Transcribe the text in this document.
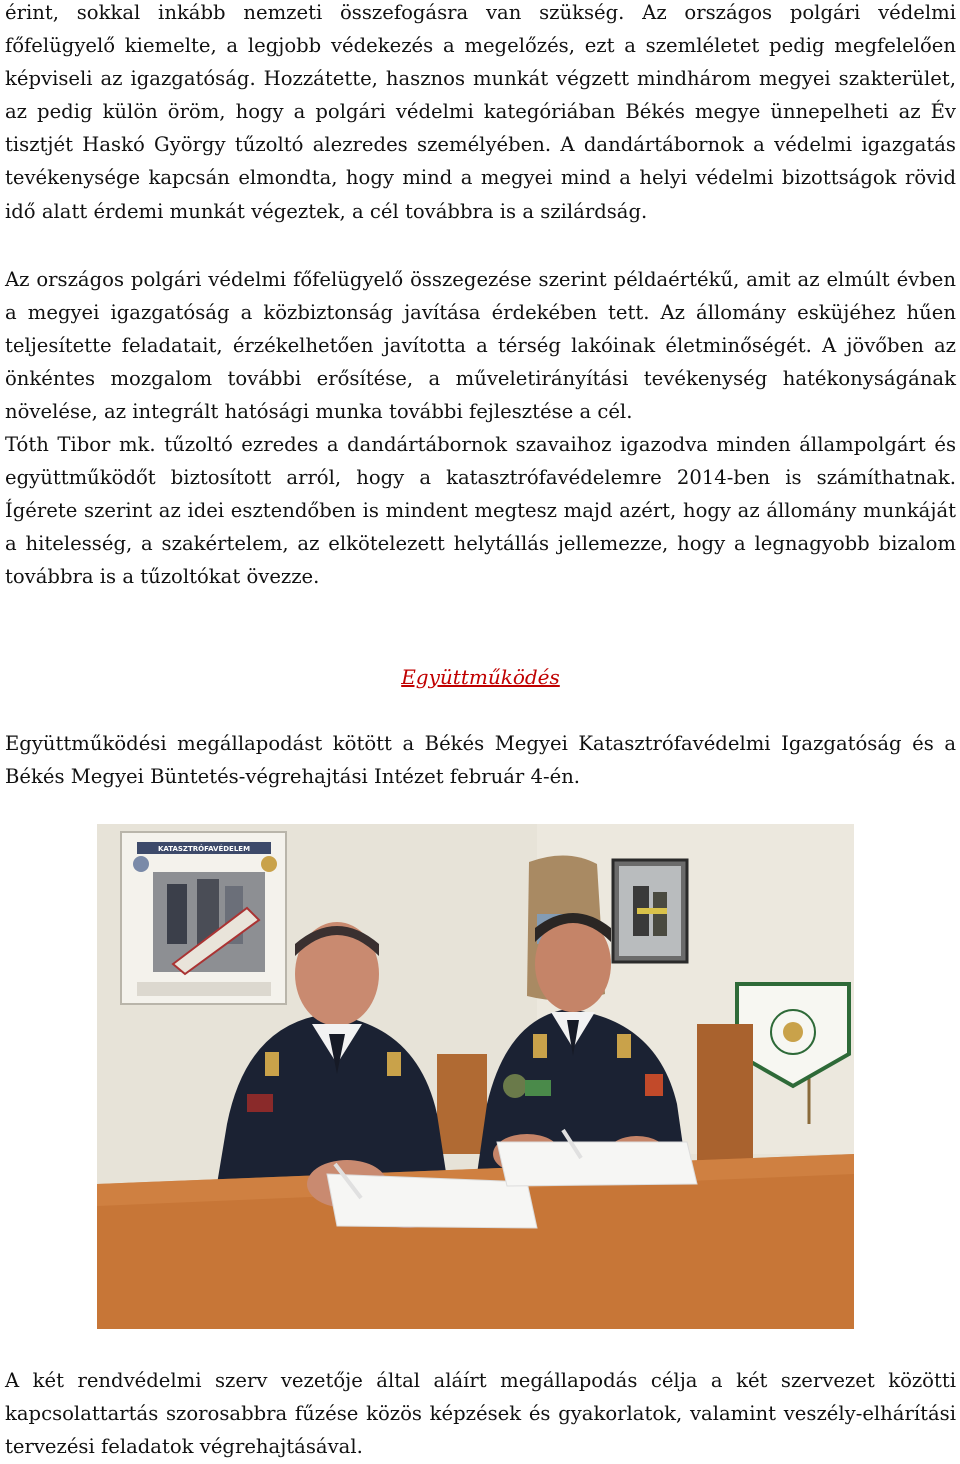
érint, sokkal inkább nemzeti összefogásra van szükség. Az országos polgári védelmi főfelügyelő kiemelte, a legjobb védekezés a megelőzés, ezt a szemléletet pedig megfelelően képviseli az igazgatóság. Hozzátette, hasznos munkát végzett mindhárom megyei szakterület, az pedig külön öröm, hogy a polgári védelmi kategóriában Békés megye ünnepelheti az Év tisztjét Haskó György tűzoltó alezredes személyében. A dandártábornok a védelmi igazgatás tevékenysége kapcsán elmondta, hogy mind a megyei mind a helyi védelmi bizottságok rövid idő alatt érdemi munkát végeztek, a cél továbbra is a szilárdság.

Az országos polgári védelmi főfelügyelő összegezése szerint példaértékű, amit az elmúlt évben a megyei igazgatóság a közbiztonság javítása érdekében tett. Az állomány esküjéhez hűen teljesítette feladatait, érzékelhetően javította a térség lakóinak életminőségét. A jövőben az önkéntes mozgalom további erősítése, a műveletirányítási tevékenység hatékonyságának növelése, az integrált hatósági munka további fejlesztése a cél.

Tóth Tibor mk. tűzoltó ezredes a dandártábornok szavaihoz igazodva minden állampolgárt és együttműködőt biztosított arról, hogy a katasztrófavédelemre 2014-ben is számíthatnak. Ígérete szerint az idei esztendőben is mindent megtesz majd azért, hogy az állomány munkáját a hitelesség, a szakértelem, az elkötelezett helytállás jellemezze, hogy a legnagyobb bizalom továbbra is a tűzoltókat övezze.

Együttműködés

Együttműködési megállapodást kötött a Békés Megyei Katasztrófavédelmi Igazgatóság és a Békés Megyei Büntetés-végrehajtási Intézet február 4-én.

A két rendvédelmi szerv vezetője által aláírt megállapodás célja a két szervezet közötti kapcsolattartás szorosabbra fűzése közös képzések és gyakorlatok, valamint veszély-elhárítási tervezési feladatok végrehajtásával.

KATASZTRÓFAVÉDELEM
